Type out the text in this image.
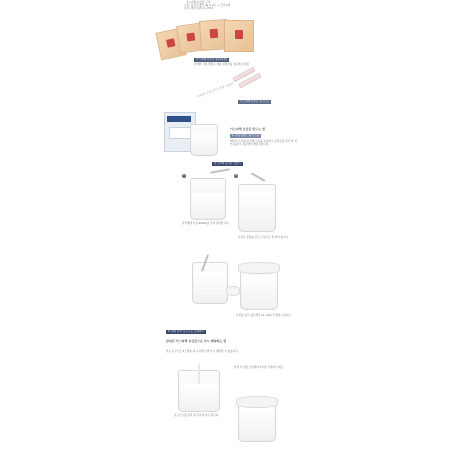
카스피해 유산균 구성
구성: 유산균 종균 3g × 2포 + 스틱 2개
보관: 냉장 보관 (2~8℃)
카스피해 유산균 종균(분말)
자세한 사용 방법은 제품 설명서를 참고해 주세요
소중한 우리 아이 건강 지킴이
카스피해 유산균 요구르트
카스피해 유산균 만드는 법
1. 우유 준비 · 용기 소독
깨끗이 소독한 용기에 우유를 준비하고 유산균을 넣어 잘 섞어 줍니다. 실온에서 발효시킵니다.
카스피해 유산균 만들기
1
유리병에 우유 200ml를 부어 준비합니다.
2
유산균 분말을 넣고 스틱으로 잘 저어 줍니다.
뚜껑을 덮고 실온에서 12~24시간 발효시킵니다.
2. 발효 완성 요구르트 보관하기
완성된 카스피해 유산균으로 다시 배양하는 법
만든 요구르트 2스푼을 새 우유에 넣어 다시 배양할 수 있습니다.
완성 후 냉장 보관하며 1주일 이내에 드세요.
요구르트를 덜어 새 우유에 넣어 줍니다.
